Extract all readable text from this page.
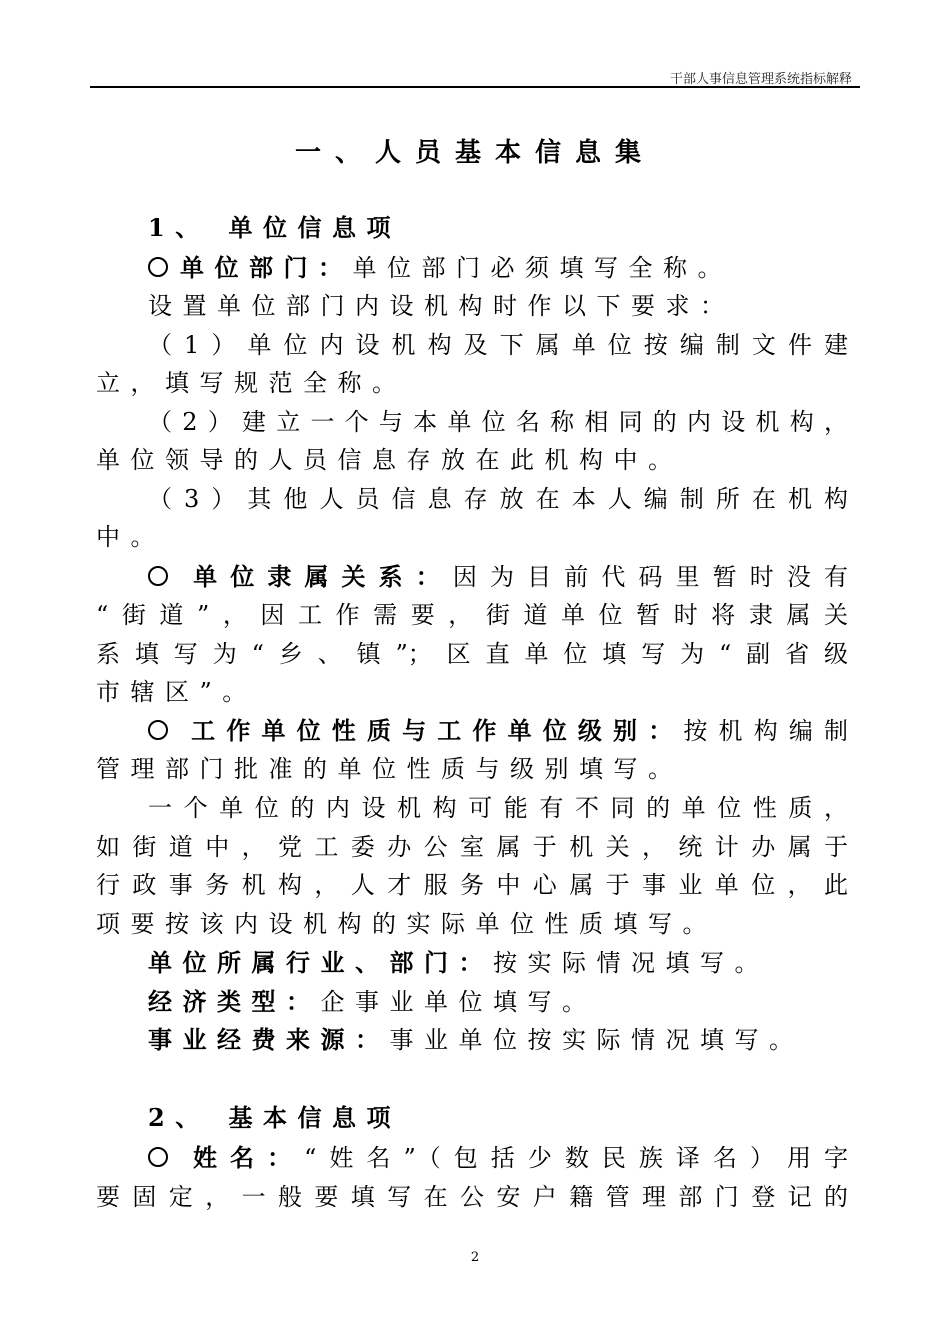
干部人事信息管理系统指标解释
一、人员基本信息集
1、 单位信息项
单位部门：单位部门必须填写全称。
设置单位部门内设机构时作以下要求：
（1）单位内设机构及下属单位按编制文件建
立，填写规范全称。
（2）建立一个与本单位名称相同的内设机构，
单位领导的人员信息存放在此机构中。
（3）其他人员信息存放在本人编制所在机构
中。
单位隶属关系：因为目前代码里暂时没有
“街道”，因工作需要，街道单位暂时将隶属关
系填写为“乡、镇”；区直单位填写为“副省级
市辖区”。
工作单位性质与工作单位级别：按机构编制
管理部门批准的单位性质与级别填写。
一个单位的内设机构可能有不同的单位性质，
如街道中，党工委办公室属于机关，统计办属于
行政事务机构，人才服务中心属于事业单位，此
项要按该内设机构的实际单位性质填写。
单位所属行业、部门：按实际情况填写。
经济类型：企事业单位填写。
事业经费来源：事业单位按实际情况填写。
2、 基本信息项
姓名：“姓名”（包括少数民族译名）用字
要固定，一般要填写在公安户籍管理部门登记的
2
